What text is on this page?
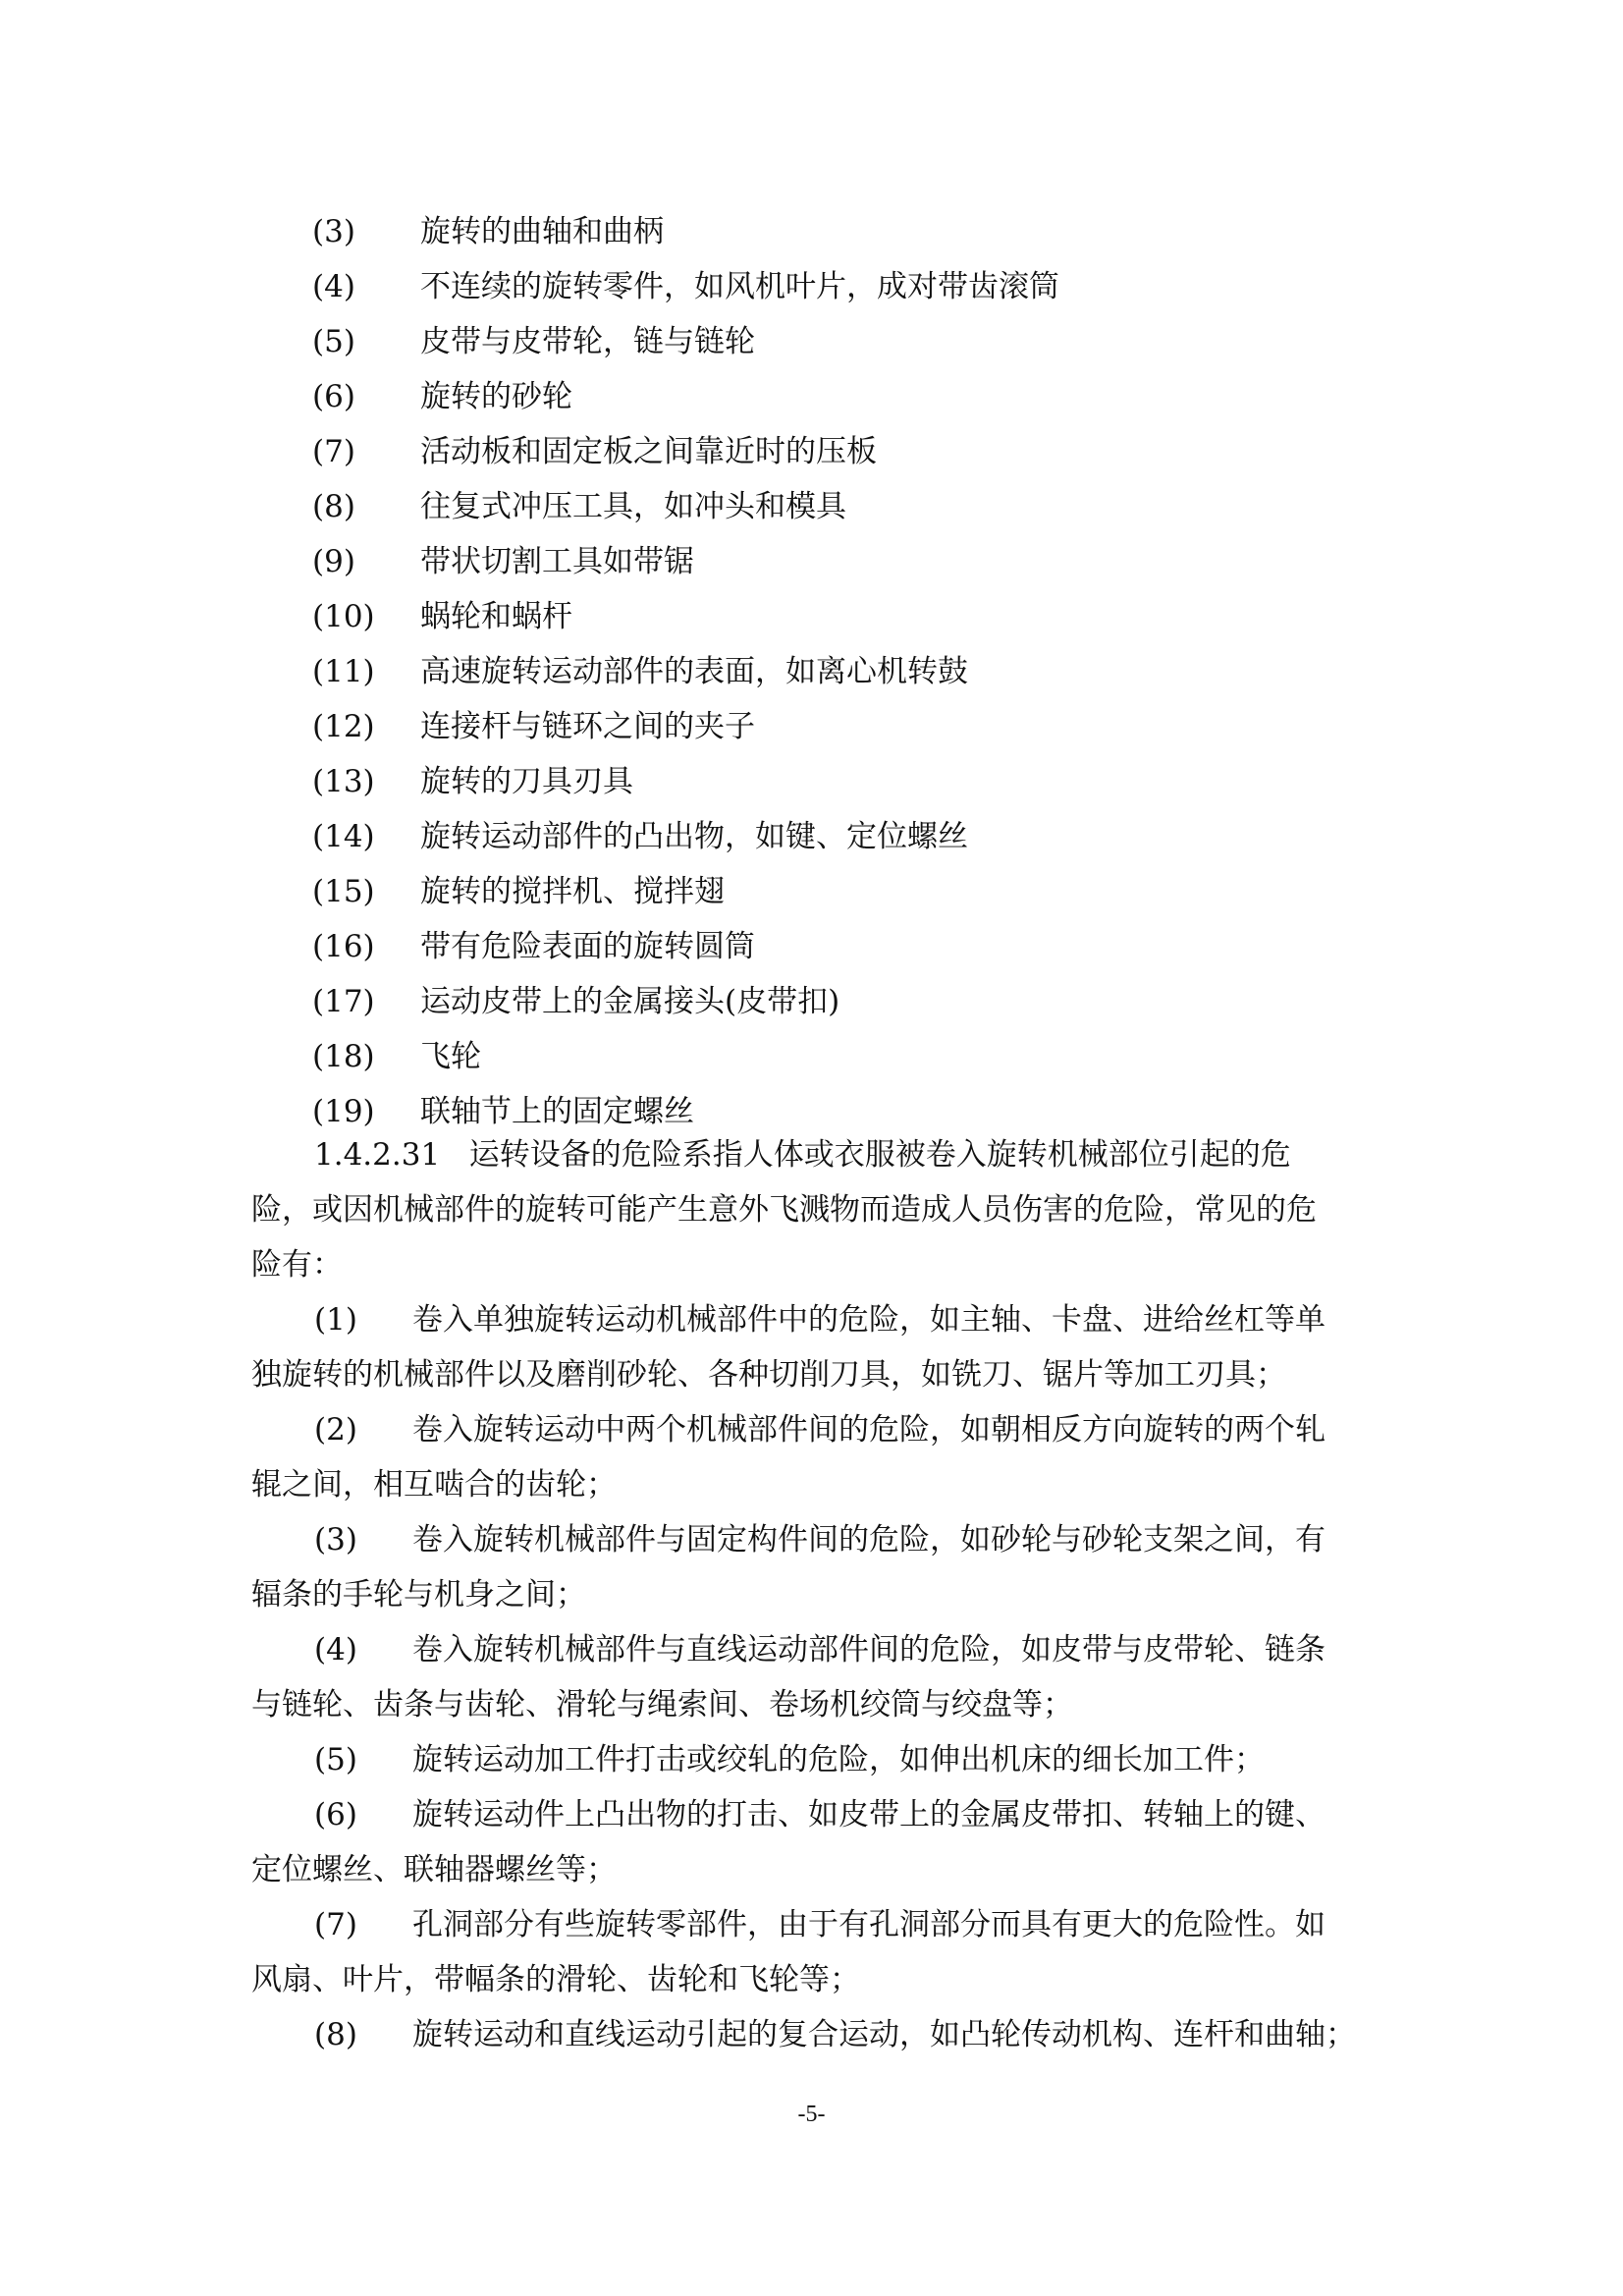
(3)	旋转的曲轴和曲柄
(4)	不连续的旋转零件，如风机叶片，成对带齿滚筒
(5)	皮带与皮带轮，链与链轮
(6)	旋转的砂轮
(7)	活动板和固定板之间靠近时的压板
(8)	往复式冲压工具，如冲头和模具
(9)	带状切割工具如带锯
(10)	蜗轮和蜗杆
(11)	高速旋转运动部件的表面，如离心机转鼓
(12)	连接杆与链环之间的夹子
(13)	旋转的刀具刃具
(14)	旋转运动部件的凸出物，如键、定位螺丝
(15)	旋转的搅拌机、搅拌翅
(16)	带有危险表面的旋转圆筒
(17)	运动皮带上的金属接头(皮带扣)
(18)	飞轮
(19)	联轴节上的固定螺丝
1.4.2.31 运转设备的危险系指人体或衣服被卷入旋转机械部位引起的危
险，或因机械部件的旋转可能产生意外飞溅物而造成人员伤害的危险，常见的危
险有：
(1) 卷入单独旋转运动机械部件中的危险，如主轴、卡盘、进给丝杠等单
独旋转的机械部件以及磨削砂轮、各种切削刀具，如铣刀、锯片等加工刃具；
(2) 卷入旋转运动中两个机械部件间的危险，如朝相反方向旋转的两个轧
辊之间，相互啮合的齿轮；
(3) 卷入旋转机械部件与固定构件间的危险，如砂轮与砂轮支架之间，有
辐条的手轮与机身之间；
(4) 卷入旋转机械部件与直线运动部件间的危险，如皮带与皮带轮、链条
与链轮、齿条与齿轮、滑轮与绳索间、卷场机绞筒与绞盘等；
(5) 旋转运动加工件打击或绞轧的危险，如伸出机床的细长加工件；
(6) 旋转运动件上凸出物的打击、如皮带上的金属皮带扣、转轴上的键、
定位螺丝、联轴器螺丝等；
(7) 孔洞部分有些旋转零部件，由于有孔洞部分而具有更大的危险性。如
风扇、叶片，带幅条的滑轮、齿轮和飞轮等；
(8) 旋转运动和直线运动引起的复合运动，如凸轮传动机构、连杆和曲轴；
-5-
